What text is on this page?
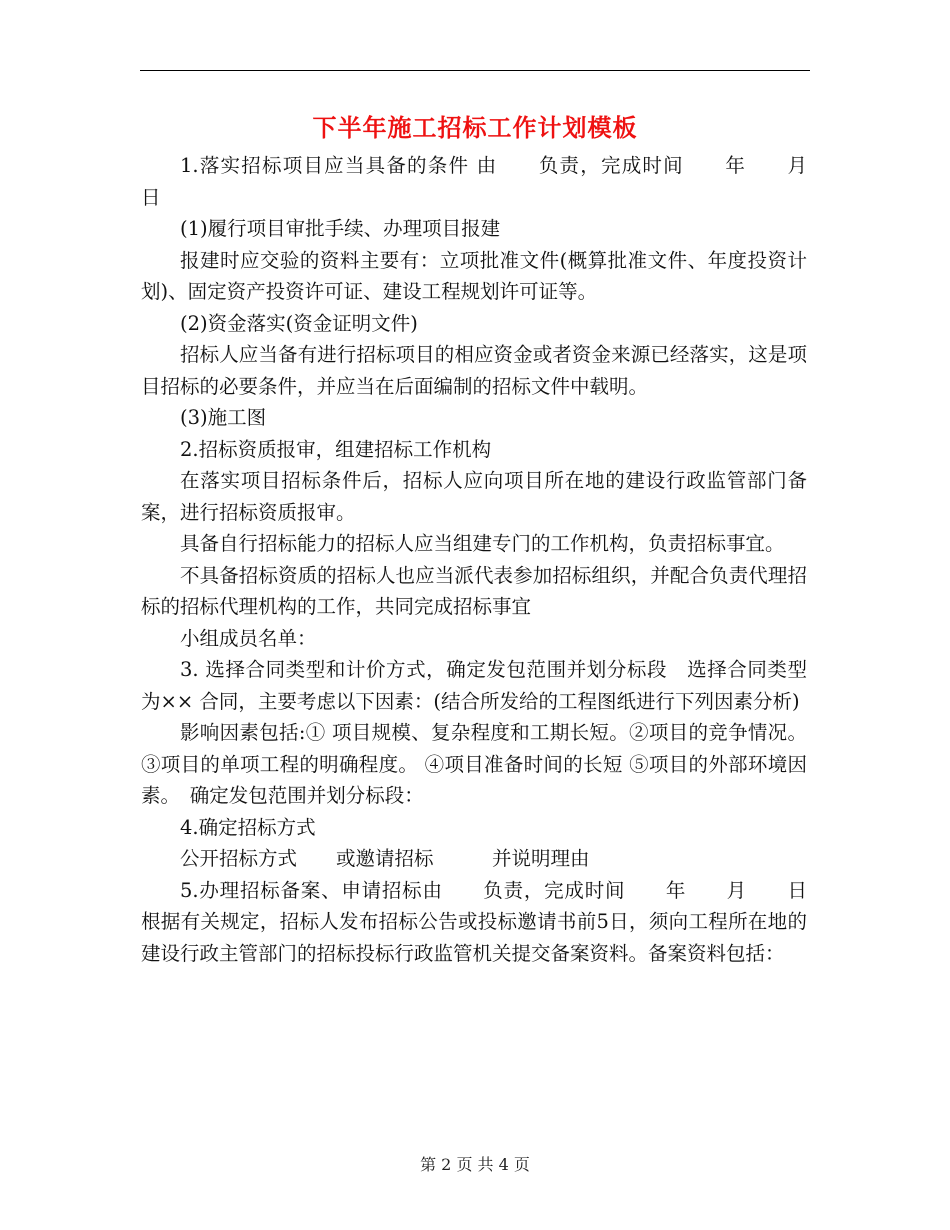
下半年施工招标工作计划模板

1.落实招标项目应当具备的条件 由　　负责，完成时间　　年　　月　　日

(1)履行项目审批手续、办理项目报建

报建时应交验的资料主要有：立项批准文件(概算批准文件、年度投资计划)、固定资产投资许可证、建设工程规划许可证等。

(2)资金落实(资金证明文件)

招标人应当备有进行招标项目的相应资金或者资金来源已经落实，这是项目招标的必要条件，并应当在后面编制的招标文件中载明。

(3)施工图

2.招标资质报审，组建招标工作机构

在落实项目招标条件后，招标人应向项目所在地的建设行政监管部门备案，进行招标资质报审。

具备自行招标能力的招标人应当组建专门的工作机构，负责招标事宜。

不具备招标资质的招标人也应当派代表参加招标组织，并配合负责代理招标的招标代理机构的工作，共同完成招标事宜

小组成员名单：

3. 选择合同类型和计价方式，确定发包范围并划分标段　选择合同类型为×× 合同，主要考虑以下因素：(结合所发给的工程图纸进行下列因素分析)

影响因素包括:① 项目规模、复杂程度和工期长短。②项目的竞争情况。③项目的单项工程的明确程度。 ④项目准备时间的长短 ⑤项目的外部环境因素。　确定发包范围并划分标段：

4.确定招标方式

公开招标方式　　或邀请招标　　　并说明理由

5.办理招标备案、申请招标由　　负责，完成时间　　年　　月　　日 根据有关规定，招标人发布招标公告或投标邀请书前5日，须向工程所在地的建设行政主管部门的招标投标行政监管机关提交备案资料。备案资料包括：

第 2 页 共 4 页
